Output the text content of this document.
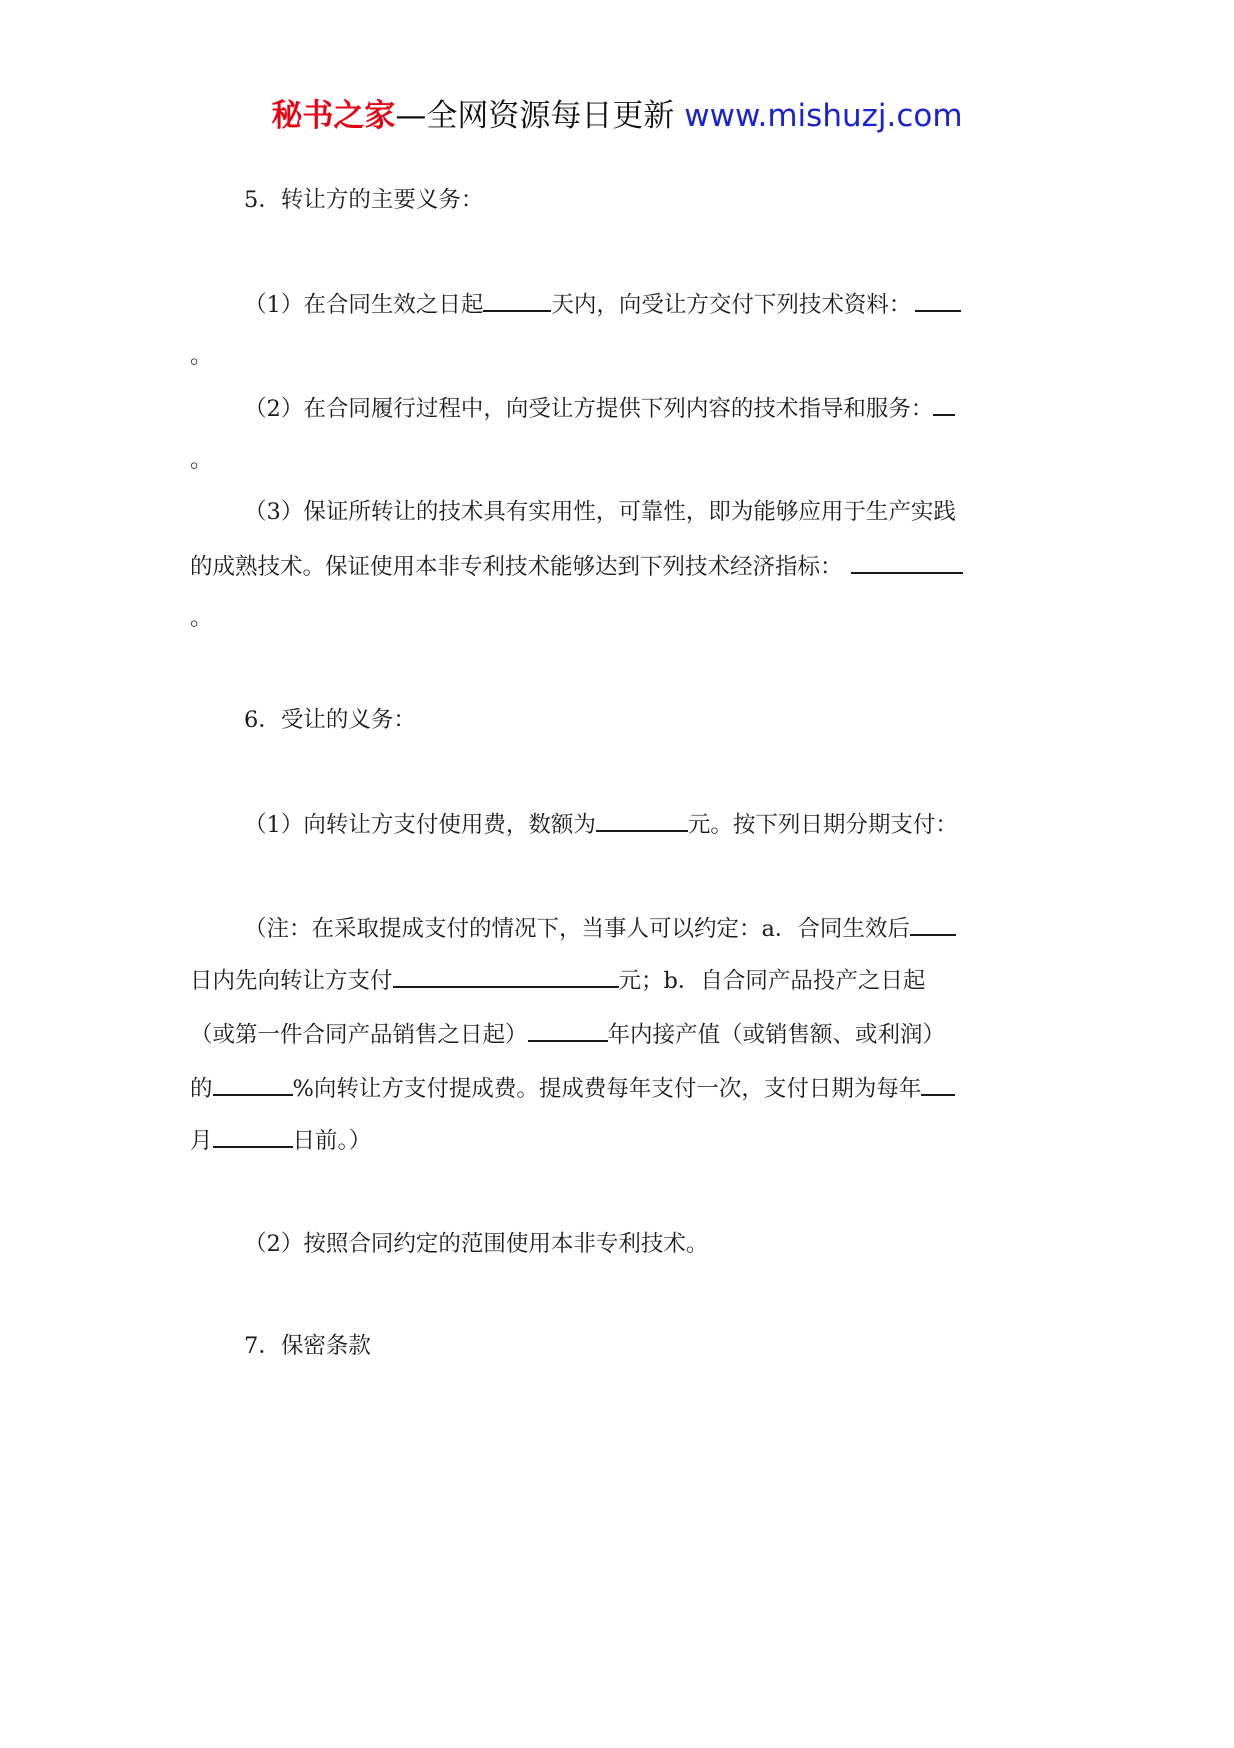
秘书之家—全网资源每日更新 www.mishuzj.com
5．转让方的主要义务：
（1）在合同生效之日起	天内，向受让方交付下列技术资料：
。
（2）在合同履行过程中，向受让方提供下列内容的技术指导和服务：
。
（3）保证所转让的技术具有实用性，可靠性，即为能够应用于生产实践
的成熟技术。保证使用本非专利技术能够达到下列技术经济指标：
。
6．受让的义务：
（1）向转让方支付使用费，数额为	元。按下列日期分期支付：
（注：在采取提成支付的情况下，当事人可以约定：a．合同生效后
日内先向转让方支付	元；b．自合同产品投产之日起
（或第一件合同产品销售之日起）	年内接产值（或销售额、或利润）
的	%向转让方支付提成费。提成费每年支付一次，支付日期为每年
月	日前。）
（2）按照合同约定的范围使用本非专利技术。
7．保密条款
